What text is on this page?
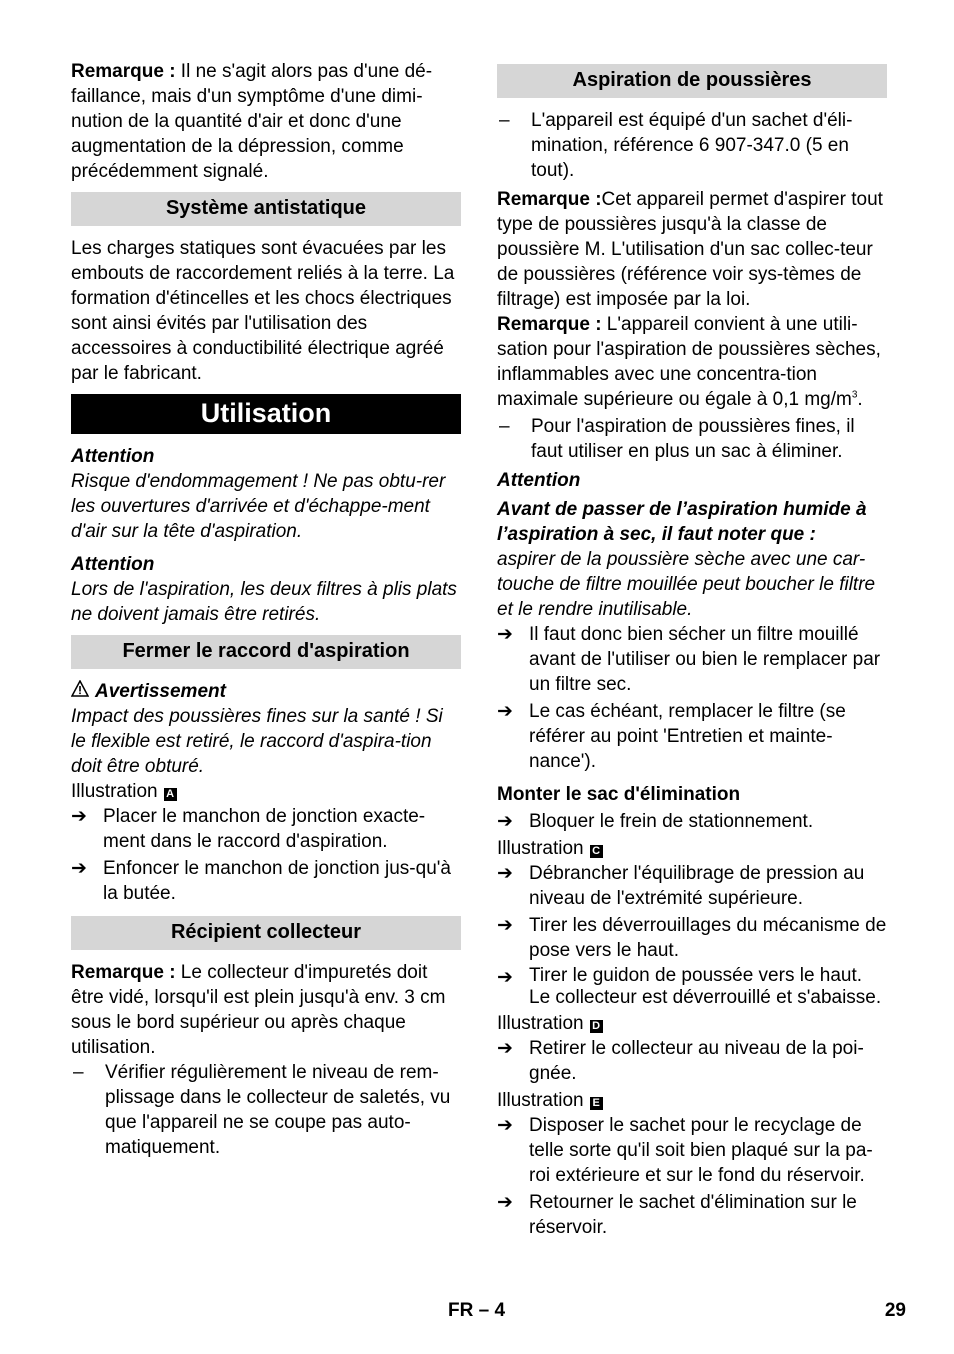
Remarque : Il ne s'agit alors pas d'une dé-faillance, mais d'un symptôme d'une dimi-nution de la quantité d'air et donc d'une augmentation de la dépression, comme précédemment signalé.

Système antistatique

Les charges statiques sont évacuées par les embouts de raccordement reliés à la terre. La formation d'étincelles et les chocs électriques sont ainsi évités par l'utilisation des accessoires à conductibilité électrique agréé par le fabricant.

Utilisation

Attention

Risque d'endommagement ! Ne pas obtu-rer les ouvertures d'arrivée et d'échappe-ment d'air sur la tête d'aspiration.

Attention

Lors de l'aspiration, les deux filtres à plis plats ne doivent jamais être retirés.

Fermer le raccord d'aspiration

Avertissement

Impact des poussières fines sur la santé ! Si le flexible est retiré, le raccord d'aspira-tion doit être obturé.

Illustration A

➔ Placer le manchon de jonction exacte-ment dans le raccord d'aspiration.
➔ Enfoncer le manchon de jonction jus-qu'à la butée.
Récipient collecteur

Remarque : Le collecteur d'impuretés doit être vidé, lorsqu'il est plein jusqu'à env. 3 cm sous le bord supérieur ou après chaque utilisation.

–	Vérifier régulièrement le niveau de rem-plissage dans le collecteur de saletés, vu que l'appareil ne se coupe pas auto-matiquement.
Aspiration de poussières
–	L'appareil est équipé d'un sachet d'éli-mination, référence 6 907-347.0 (5 en tout).

Remarque :Cet appareil permet d'aspirer tout type de poussières jusqu'à la classe de poussière M. L'utilisation d'un sac collec-teur de poussières (référence voir sys-tèmes de filtrage) est imposée par la loi.

Remarque : L'appareil convient à une utili-sation pour l'aspiration de poussières sèches, inflammables avec une concentra-tion maximale supérieure ou égale à 0,1 $mg/m^3$.

–	Pour l'aspiration de poussières fines, il faut utiliser en plus un sac à éliminer.

Attention

Avant de passer de l’aspiration humide à l’aspiration à sec, il faut noter que :

aspirer de la poussière sèche avec une car-touche de filtre mouillée peut boucher le filtre et le rendre inutilisable.

➔ Il faut donc bien sécher un filtre mouillé avant de l'utiliser ou bien le remplacer par un filtre sec.
➔ Le cas échéant, remplacer le filtre (se référer au point 'Entretien et mainte-nance').

Monter le sac d'élimination

➔ Bloquer le frein de stationnement.

Illustration C

➔ Débrancher l'équilibrage de pression au niveau de l'extrémité supérieure.
➔ Tirer les déverrouillages du mécanisme de pose vers le haut.
➔ Tirer le guidon de poussée vers le haut. Le collecteur est déverrouillé et s'abaisse.

Illustration D

➔ Retirer le collecteur au niveau de la poi-gnée.

Illustration E

➔ Disposer le sachet pour le recyclage de telle sorte qu'il soit bien plaqué sur la pa-roi extérieure et sur le fond du réservoir.
➔ Retourner le sachet d'élimination sur le réservoir.
FR – 4	29
